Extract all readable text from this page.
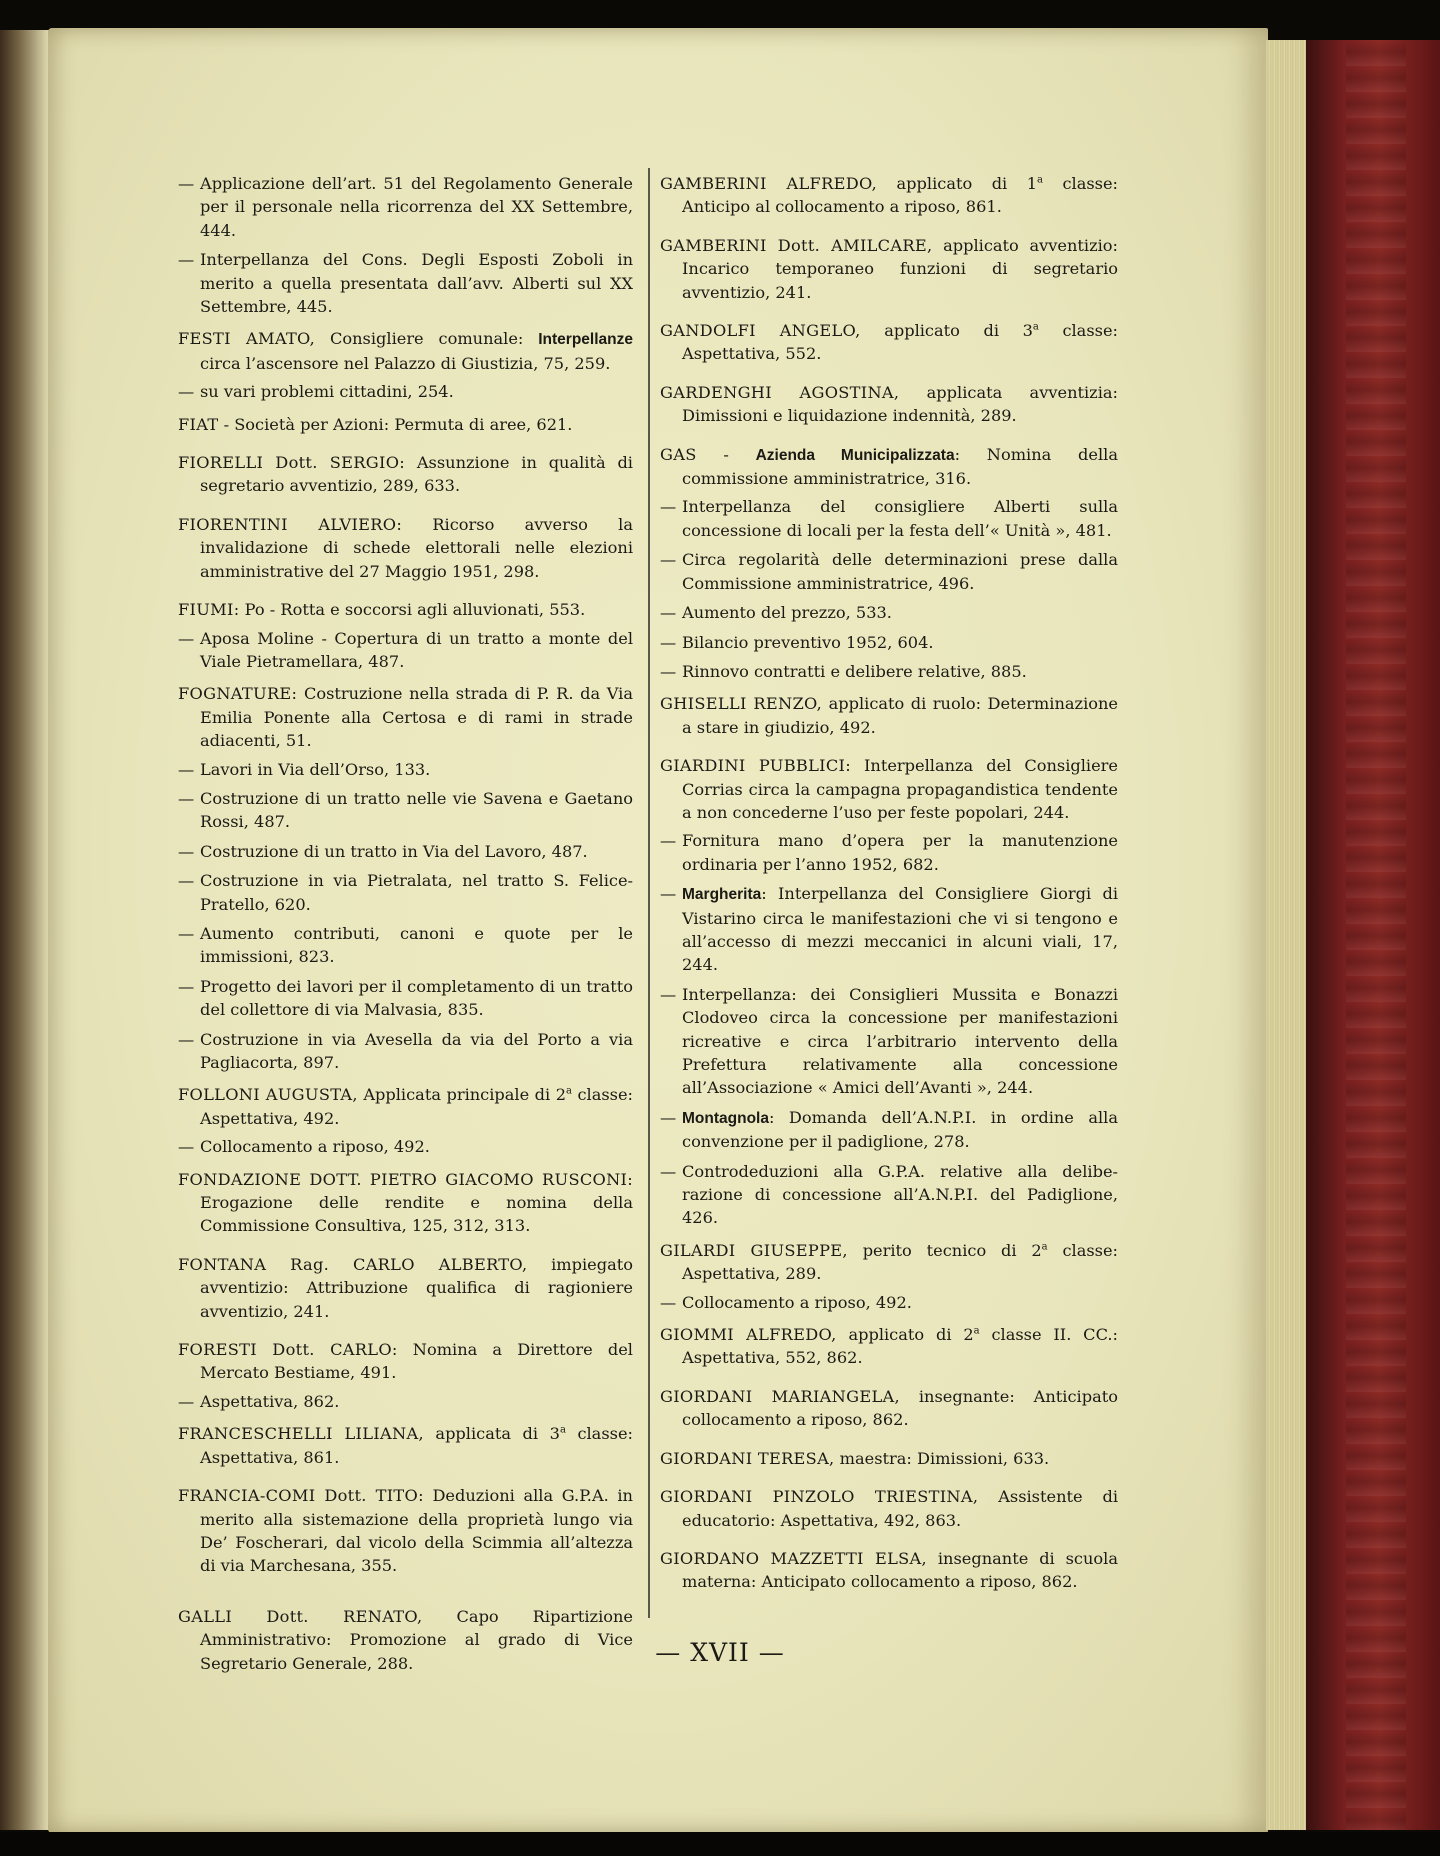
— Applicazione dell’art. 51 del Regolamento Generale per il personale nella ricorrenza del XX Settembre, 444.
— Interpellanza del Cons. Degli Esposti Zoboli in merito a quella presentata dall’avv. Alberti sul XX Settembre, 445.
FESTI AMATO, Consigliere comunale: Interpellanze circa l’ascensore nel Palazzo di Giustizia, 75, 259.
— su vari problemi cittadini, 254.
FIAT - Società per Azioni: Permuta di aree, 621.
FIORELLI Dott. SERGIO: Assunzione in qualità di segretario avventizio, 289, 633.
FIORENTINI ALVIERO: Ricorso avverso la invalidazione di schede elettorali nelle elezioni amministrative del 27 Maggio 1951, 298.
FIUMI: Po - Rotta e soccorsi agli alluvionati, 553.
— Aposa Moline - Copertura di un tratto a monte del Viale Pietramellara, 487.
FOGNATURE: Costruzione nella strada di P. R. da Via Emilia Ponente alla Certosa e di rami in strade adiacenti, 51.
— Lavori in Via dell’Orso, 133.
— Costruzione di un tratto nelle vie Savena e Gaetano Rossi, 487.
— Costruzione di un tratto in Via del Lavoro, 487.
— Costruzione in via Pietralata, nel tratto S. Felice-Pratello, 620.
— Aumento contributi, canoni e quote per le immissioni, 823.
— Progetto dei lavori per il completamento di un tratto del collettore di via Malvasia, 835.
— Costruzione in via Avesella da via del Porto a via Pagliacorta, 897.
FOLLONI AUGUSTA, Applicata principale di 2$^a$ classe: Aspettativa, 492.
— Collocamento a riposo, 492.
FONDAZIONE DOTT. PIETRO GIACOMO RUSCONI: Erogazione delle rendite e nomina della Commissione Consultiva, 125, 312, 313.
FONTANA Rag. CARLO ALBERTO, impiegato avventizio: Attribuzione qualifica di ragioniere avventizio, 241.
FORESTI Dott. CARLO: Nomina a Direttore del Mercato Bestiame, 491.
— Aspettativa, 862.
FRANCESCHELLI LILIANA, applicata di 3$^a$ classe: Aspettativa, 861.
FRANCIA-COMI Dott. TITO: Deduzioni alla G.P.A. in merito alla sistemazione della proprietà lungo via De’ Foscherari, dal vicolo della Scimmia all’altezza di via Marchesana, 355.
GALLI Dott. RENATO, Capo Ripartizione Amministrativo: Promozione al grado di Vice Segretario Generale, 288.
GAMBERINI ALFREDO, applicato di 1$^a$ classe: Anticipo al collocamento a riposo, 861.
GAMBERINI Dott. AMILCARE, applicato avventizio: Incarico temporaneo funzioni di segretario avventizio, 241.
GANDOLFI ANGELO, applicato di 3$^a$ classe: Aspettativa, 552.
GARDENGHI AGOSTINA, applicata avventizia: Dimissioni e liquidazione indennità, 289.
GAS - Azienda Municipalizzata: Nomina della commissione amministratrice, 316.
— Interpellanza del consigliere Alberti sulla concessione di locali per la festa dell’« Unità », 481.
— Circa regolarità delle determinazioni prese dalla Commissione amministratrice, 496.
— Aumento del prezzo, 533.
— Bilancio preventivo 1952, 604.
— Rinnovo contratti e delibere relative, 885.
GHISELLI RENZO, applicato di ruolo: Determinazione a stare in giudizio, 492.
GIARDINI PUBBLICI: Interpellanza del Consigliere Corrias circa la campagna propagandistica tendente a non concederne l’uso per feste popolari, 244.
— Fornitura mano d’opera per la manutenzione ordinaria per l’anno 1952, 682.
— Margherita: Interpellanza del Consigliere Giorgi di Vistarino circa le manifestazioni che vi si tengono e all’accesso di mezzi meccanici in alcuni viali, 17, 244.
— Interpellanza: dei Consiglieri Mussita e Bonazzi Clodoveo circa la concessione per manifestazioni ricreative e circa l’arbitrario intervento della Prefettura relativamente alla concessione all’Associazione « Amici dell’Avanti », 244.
— Montagnola: Domanda dell’A.N.P.I. in ordine alla convenzione per il padiglione, 278.
— Controdeduzioni alla G.P.A. relative alla delibe-razione di concessione all’A.N.P.I. del Padiglione, 426.
GILARDI GIUSEPPE, perito tecnico di 2$^a$ classe: Aspettativa, 289.
— Collocamento a riposo, 492.
GIOMMI ALFREDO, applicato di 2$^a$ classe II. CC.: Aspettativa, 552, 862.
GIORDANI MARIANGELA, insegnante: Anticipato collocamento a riposo, 862.
GIORDANI TERESA, maestra: Dimissioni, 633.
GIORDANI PINZOLO TRIESTINA, Assistente di educatorio: Aspettativa, 492, 863.
GIORDANO MAZZETTI ELSA, insegnante di scuola materna: Anticipato collocamento a riposo, 862.
— XVII —
